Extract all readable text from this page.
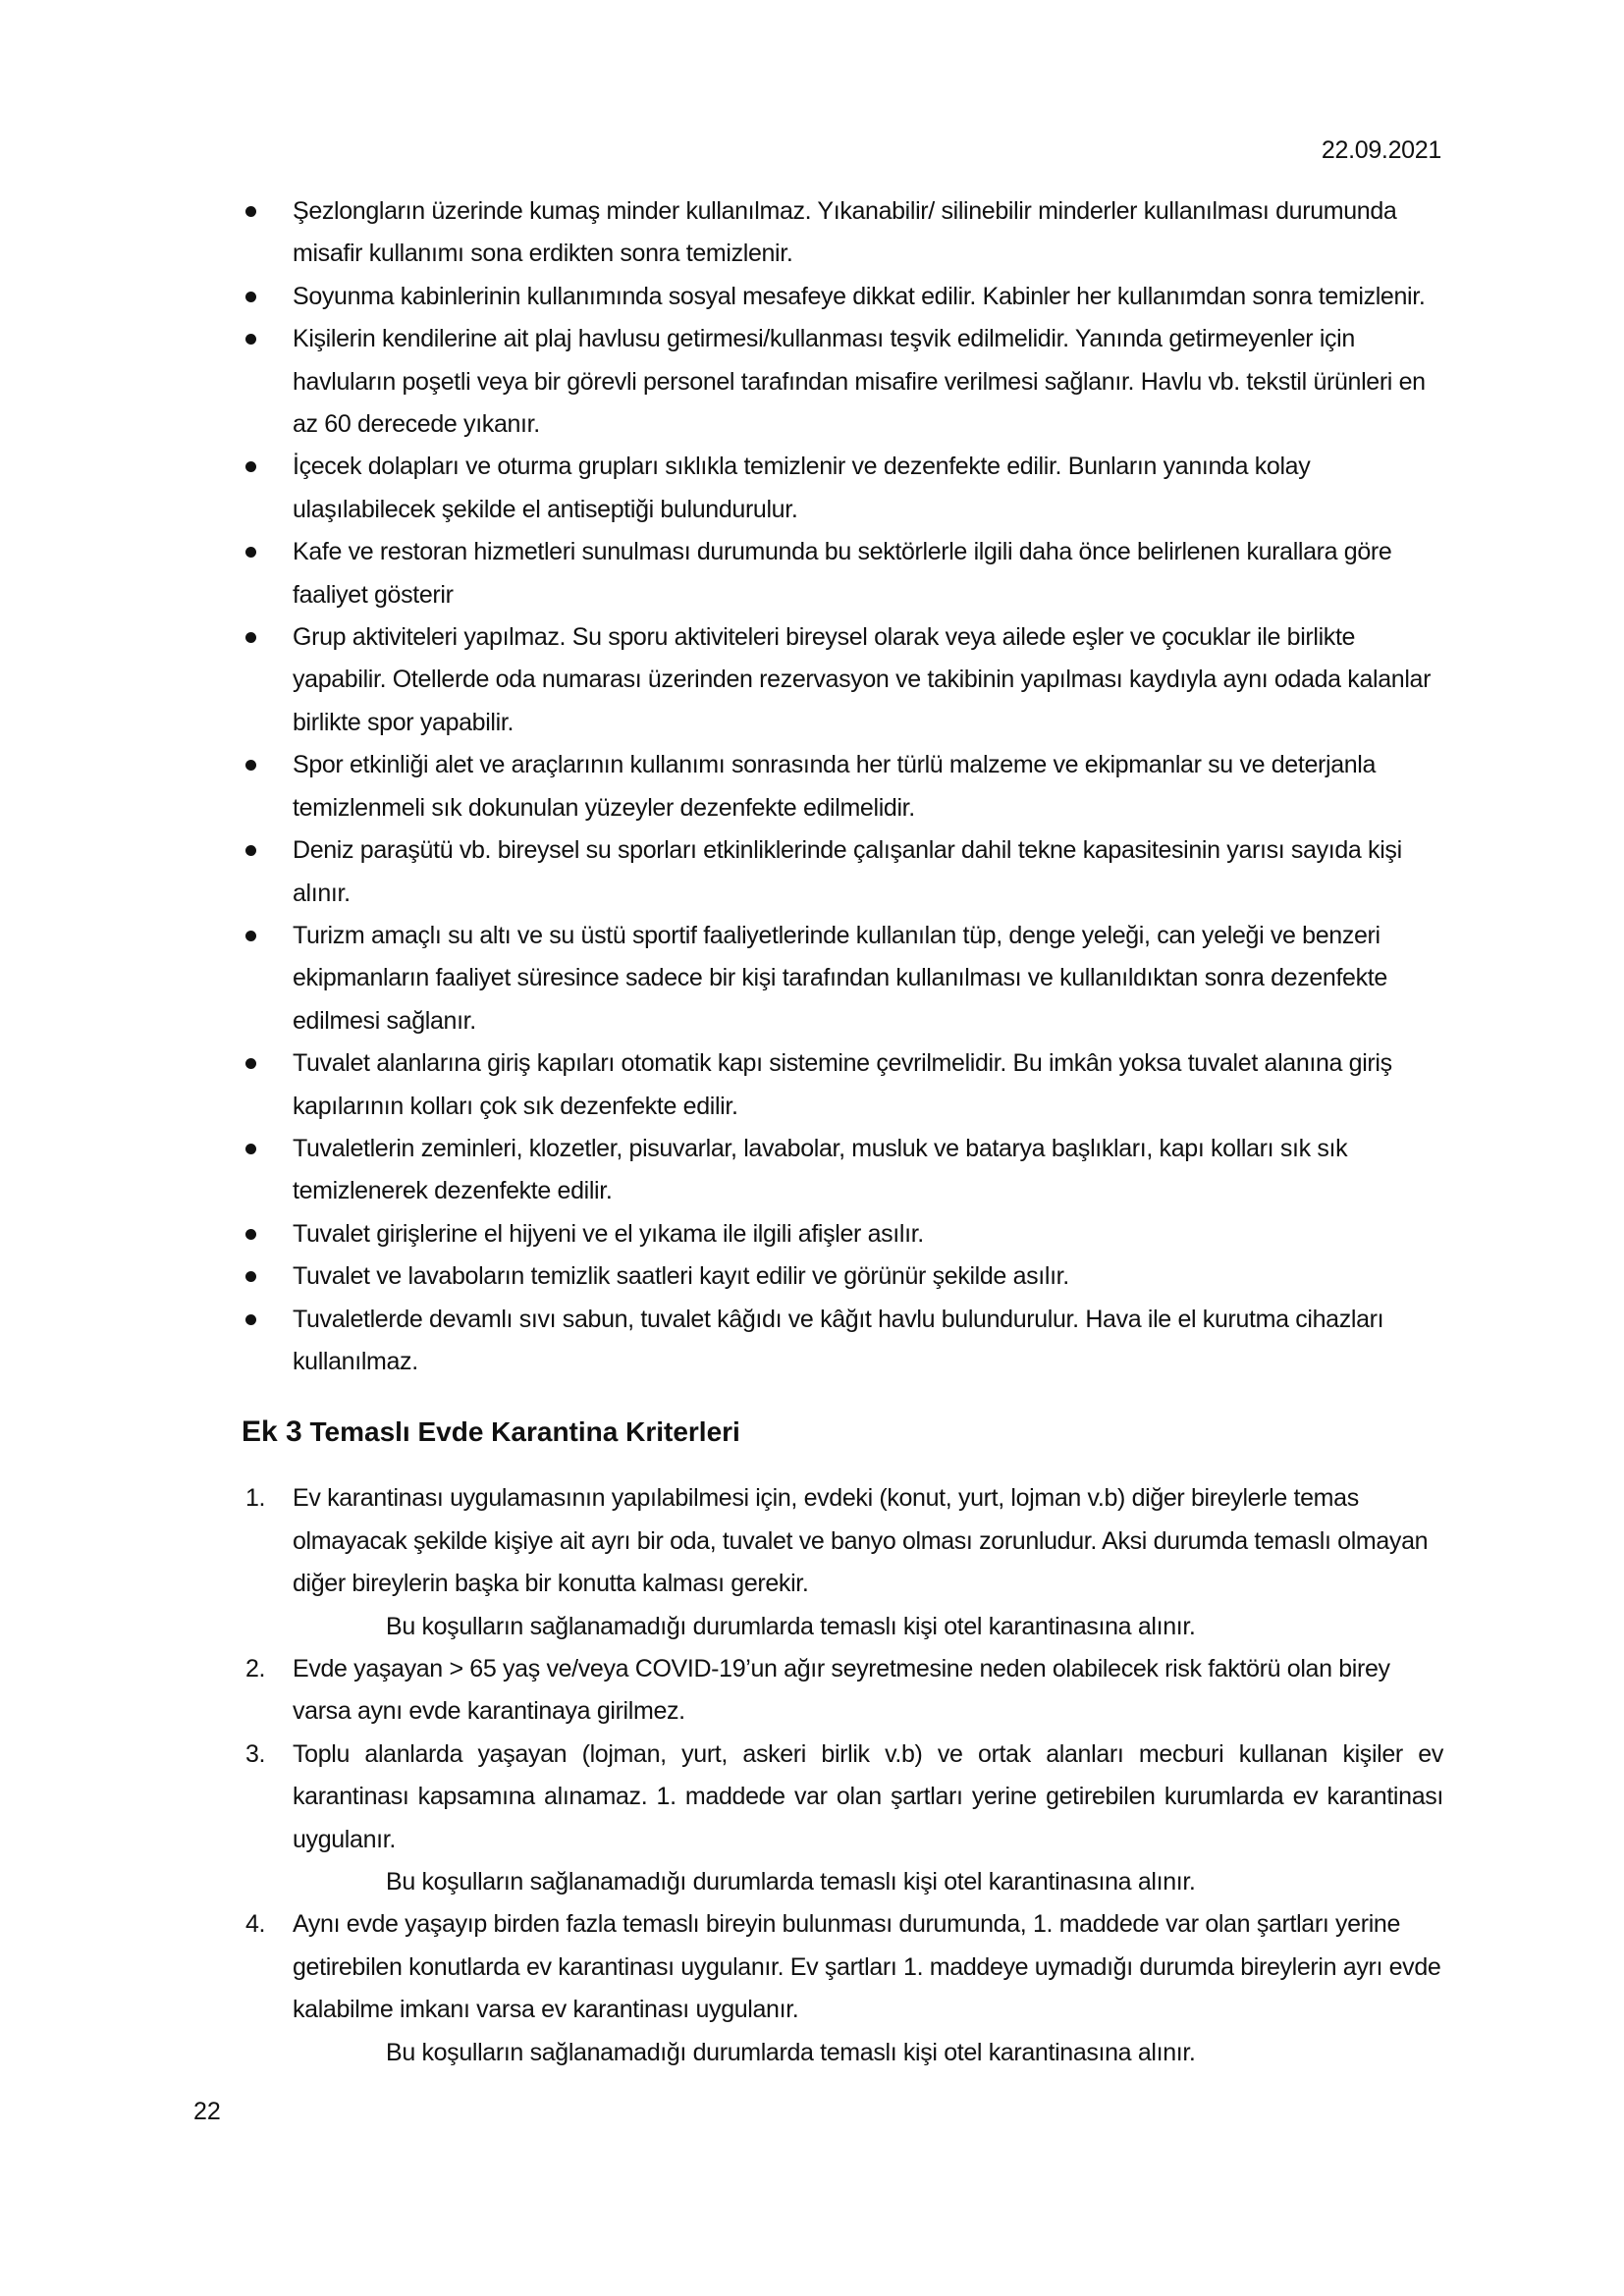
22.09.2021
Şezlongların üzerinde kumaş minder kullanılmaz. Yıkanabilir/ silinebilir minderler kullanılması durumunda misafir kullanımı sona erdikten sonra temizlenir.
Soyunma kabinlerinin kullanımında sosyal mesafeye dikkat edilir. Kabinler her kullanımdan sonra temizlenir.
Kişilerin kendilerine ait plaj havlusu getirmesi/kullanması teşvik edilmelidir. Yanında getirmeyenler için havluların poşetli veya bir görevli personel tarafından misafire verilmesi sağlanır. Havlu vb. tekstil ürünleri en az 60 derecede yıkanır.
İçecek dolapları ve oturma grupları sıklıkla temizlenir ve dezenfekte edilir. Bunların yanında kolay ulaşılabilecek şekilde el antiseptiği bulundurulur.
Kafe ve restoran hizmetleri sunulması durumunda bu sektörlerle ilgili daha önce belirlenen kurallara göre faaliyet gösterir
Grup aktiviteleri yapılmaz. Su sporu aktiviteleri bireysel olarak veya ailede eşler ve çocuklar ile birlikte yapabilir. Otellerde oda numarası üzerinden rezervasyon ve takibinin yapılması kaydıyla aynı odada kalanlar birlikte spor yapabilir.
Spor etkinliği alet ve araçlarının kullanımı sonrasında her türlü malzeme ve ekipmanlar su ve deterjanla temizlenmeli sık dokunulan yüzeyler dezenfekte edilmelidir.
Deniz paraşütü vb. bireysel su sporları etkinliklerinde çalışanlar dahil tekne kapasitesinin yarısı sayıda kişi alınır.
Turizm amaçlı su altı ve su üstü sportif faaliyetlerinde kullanılan tüp, denge yeleği, can yeleği ve benzeri ekipmanların faaliyet süresince sadece bir kişi tarafından kullanılması ve kullanıldıktan sonra dezenfekte edilmesi sağlanır.
Tuvalet alanlarına giriş kapıları otomatik kapı sistemine çevrilmelidir. Bu imkân yoksa tuvalet alanına giriş kapılarının kolları çok sık dezenfekte edilir.
Tuvaletlerin zeminleri, klozetler, pisuvarlar, lavabolar, musluk ve batarya başlıkları, kapı kolları sık sık temizlenerek dezenfekte edilir.
Tuvalet girişlerine el hijyeni ve el yıkama ile ilgili afişler asılır.
Tuvalet ve lavaboların temizlik saatleri kayıt edilir ve görünür şekilde asılır.
Tuvaletlerde devamlı sıvı sabun, tuvalet kâğıdı ve kâğıt havlu bulundurulur. Hava ile el kurutma cihazları kullanılmaz.
Ek 3 Temaslı Evde Karantina Kriterleri
1. Ev karantinası uygulamasının yapılabilmesi için, evdeki (konut, yurt, lojman v.b) diğer bireylerle temas olmayacak şekilde kişiye ait ayrı bir oda, tuvalet ve banyo olması zorunludur. Aksi durumda temaslı olmayan diğer bireylerin başka bir konutta kalması gerekir.
Bu koşulların sağlanamadığı durumlarda temaslı kişi otel karantinasına alınır.
2. Evde yaşayan > 65 yaş ve/veya COVID-19’un ağır seyretmesine neden olabilecek risk faktörü olan birey varsa aynı evde karantinaya girilmez.
3. Toplu alanlarda yaşayan (lojman, yurt, askeri birlik v.b) ve ortak alanları mecburi kullanan kişiler ev karantinası kapsamına alınamaz. 1. maddede var olan şartları yerine getirebilen kurumlarda ev karantinası uygulanır.
Bu koşulların sağlanamadığı durumlarda temaslı kişi otel karantinasına alınır.
4. Aynı evde yaşayıp birden fazla temaslı bireyin bulunması durumunda, 1. maddede var olan şartları yerine getirebilen konutlarda ev karantinası uygulanır. Ev şartları 1. maddeye uymadığı durumda bireylerin ayrı evde kalabilme imkanı varsa ev karantinası uygulanır.
Bu koşulların sağlanamadığı durumlarda temaslı kişi otel karantinasına alınır.
22
